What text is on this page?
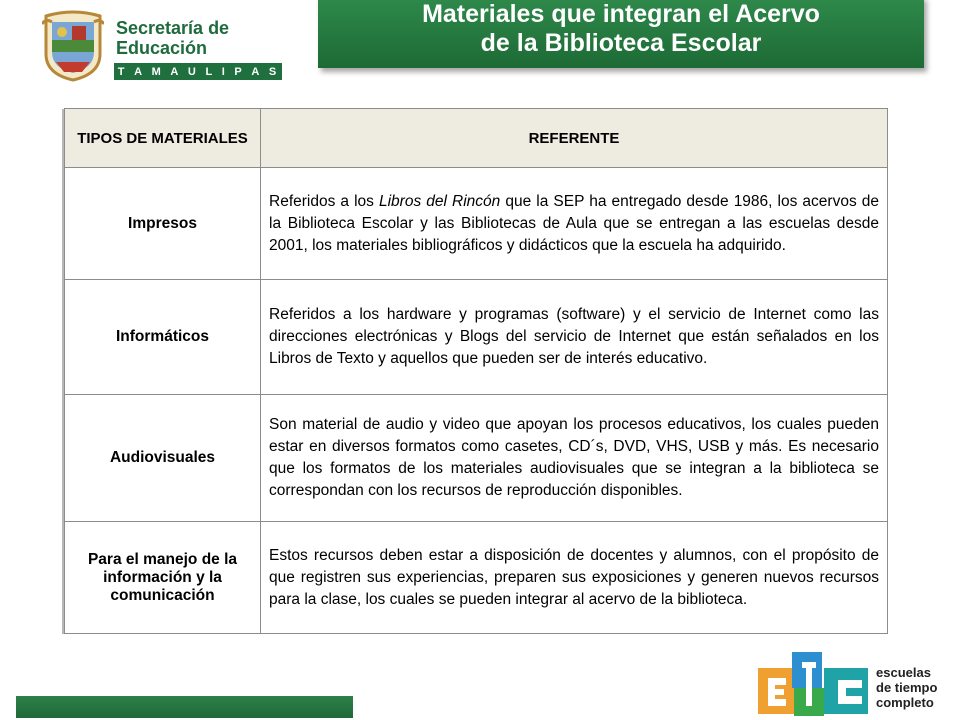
Secretaría de
Educación
T A M A U L I P A S
Materiales que integran el Acervo
de la Biblioteca Escolar
TIPOS DE MATERIALES	REFERENTE
Impresos	Referidos a los Libros del Rincón que la SEP ha entregado desde 1986, los acervos de la Biblioteca Escolar y las Bibliotecas de Aula que se entregan a las escuelas desde 2001, los materiales bibliográficos y didácticos que la escuela ha adquirido.
Informáticos	Referidos a los hardware y programas (software) y el servicio de Internet como las direcciones electrónicas y Blogs del servicio de Internet que están señalados en los Libros de Texto y aquellos que pueden ser de interés educativo.
Audiovisuales	Son material de audio y video que apoyan los procesos educativos, los cuales pueden estar en diversos formatos como casetes, CD´s, DVD, VHS, USB y más. Es necesario que los formatos de los materiales audiovisuales que se integran a la biblioteca se correspondan con los recursos de reproducción disponibles.
Para el manejo de la información y la comunicación	Estos recursos deben estar a disposición de docentes y alumnos, con el propósito de que registren sus experiencias, preparen sus exposiciones y generen nuevos recursos para la clase, los cuales se pueden integrar al acervo de la biblioteca.
escuelas
de tiempo
completo
